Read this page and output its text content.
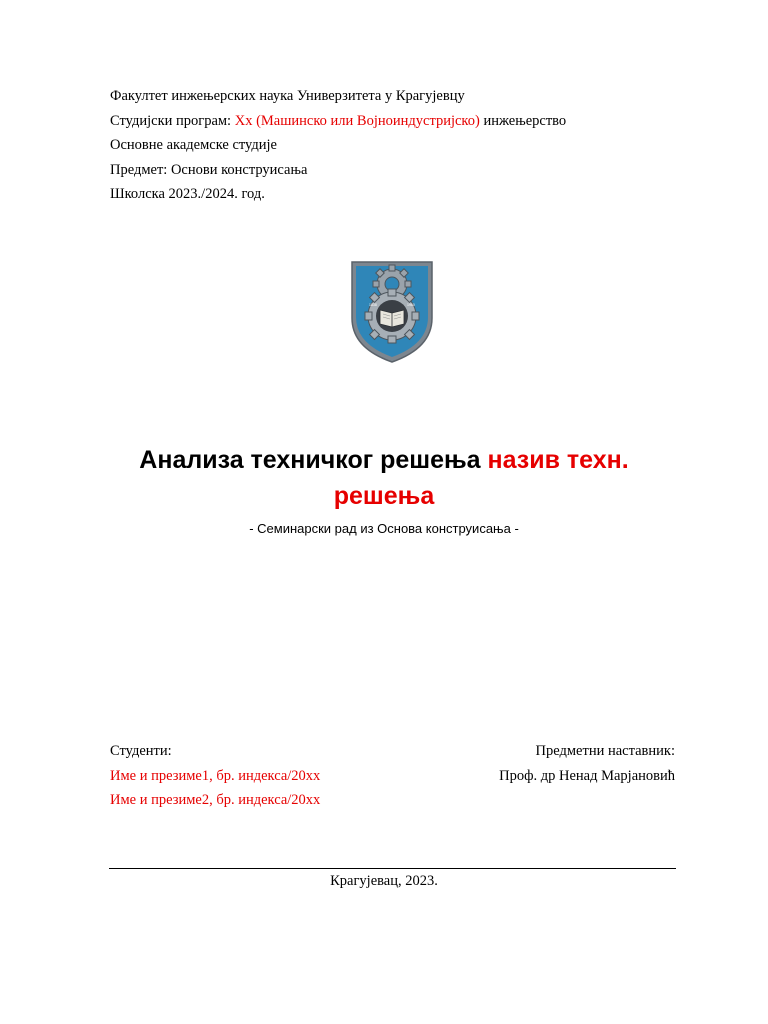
Факултет инжењерских наука Универзитета у Крагујевцу
Студијски програм: Xx (Машинско или Војноиндустријско) инжењерство
Основне академске студије
Предмет: Основи конструисања
Школска 2023./2024. год.
1838	1960
Анализа техничког решења назив техн. решења
- Семинарски рад из Основа конструисања -
Студенти:
Име и презиме1, бр. индекса/20xx
Име и презиме2, бр. индекса/20xx
Предметни наставник:
Проф. др Ненад Марјановић
Крагујевац, 2023.
